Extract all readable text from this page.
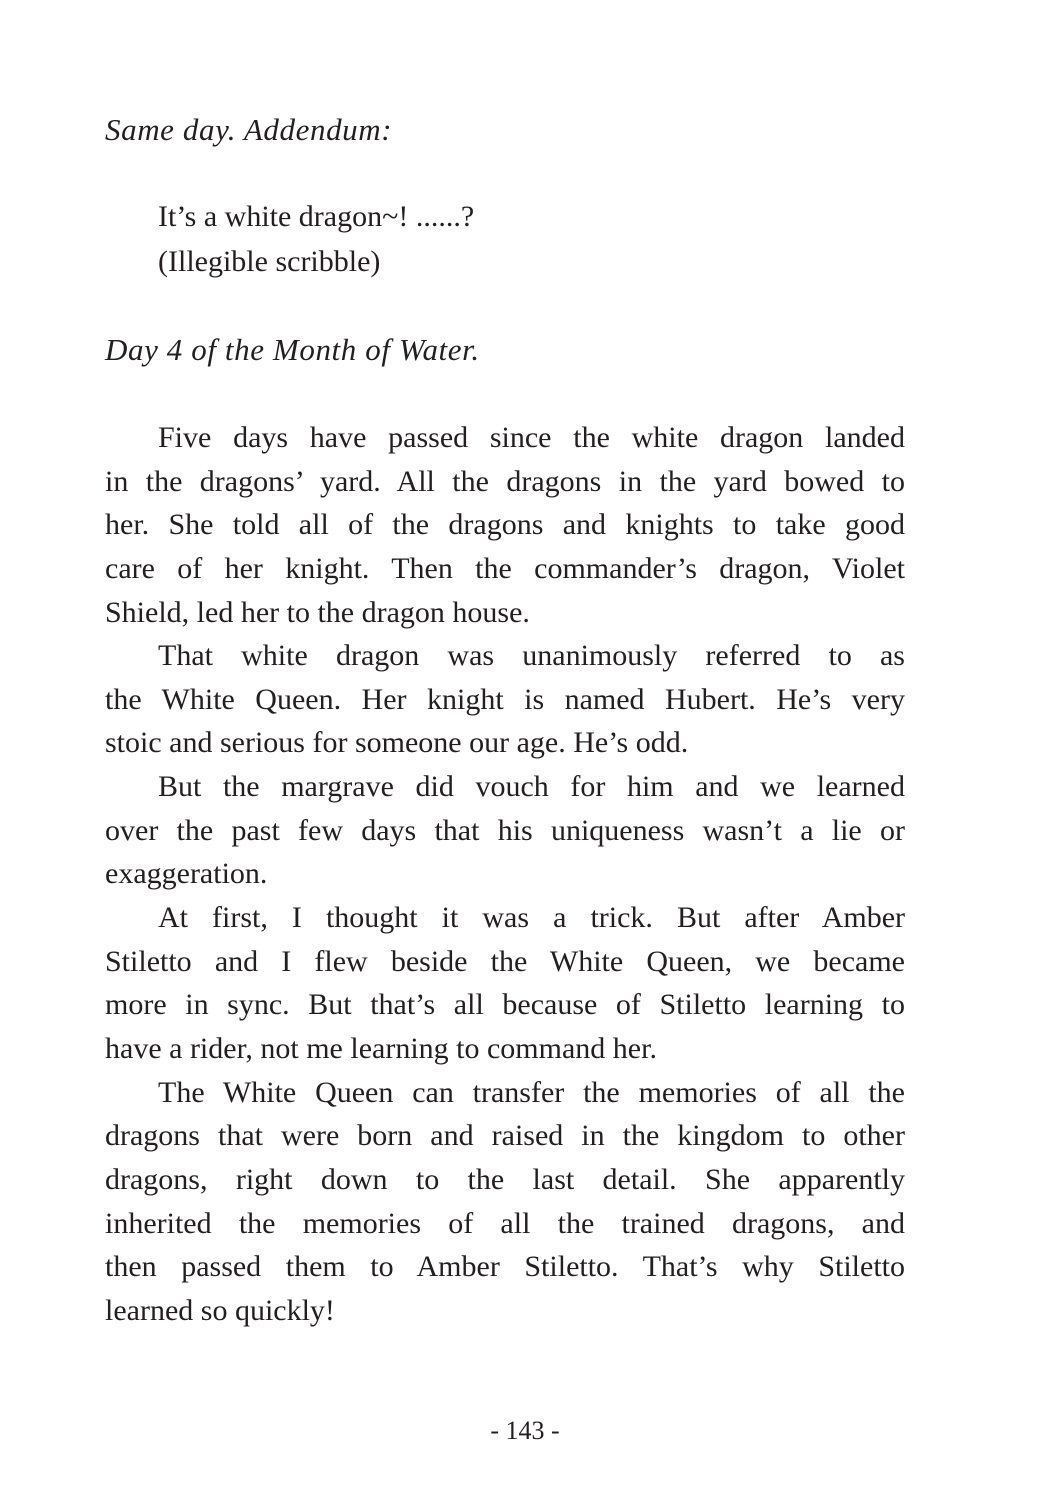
Same day. Addendum:
It’s a white dragon~! ......?
(Illegible scribble)
Day 4 of the Month of Water.
Five days have passed since the white dragon landed
in the dragons’ yard. All the dragons in the yard bowed to
her. She told all of the dragons and knights to take good
care of her knight. Then the commander’s dragon, Violet
Shield, led her to the dragon house.
That white dragon was unanimously referred to as
the White Queen. Her knight is named Hubert. He’s very
stoic and serious for someone our age. He’s odd.
But the margrave did vouch for him and we learned
over the past few days that his uniqueness wasn’t a lie or
exaggeration.
At first, I thought it was a trick. But after Amber
Stiletto and I flew beside the White Queen, we became
more in sync. But that’s all because of Stiletto learning to
have a rider, not me learning to command her.
The White Queen can transfer the memories of all the
dragons that were born and raised in the kingdom to other
dragons, right down to the last detail. She apparently
inherited the memories of all the trained dragons, and
then passed them to Amber Stiletto. That’s why Stiletto
learned so quickly!
- 143 -
